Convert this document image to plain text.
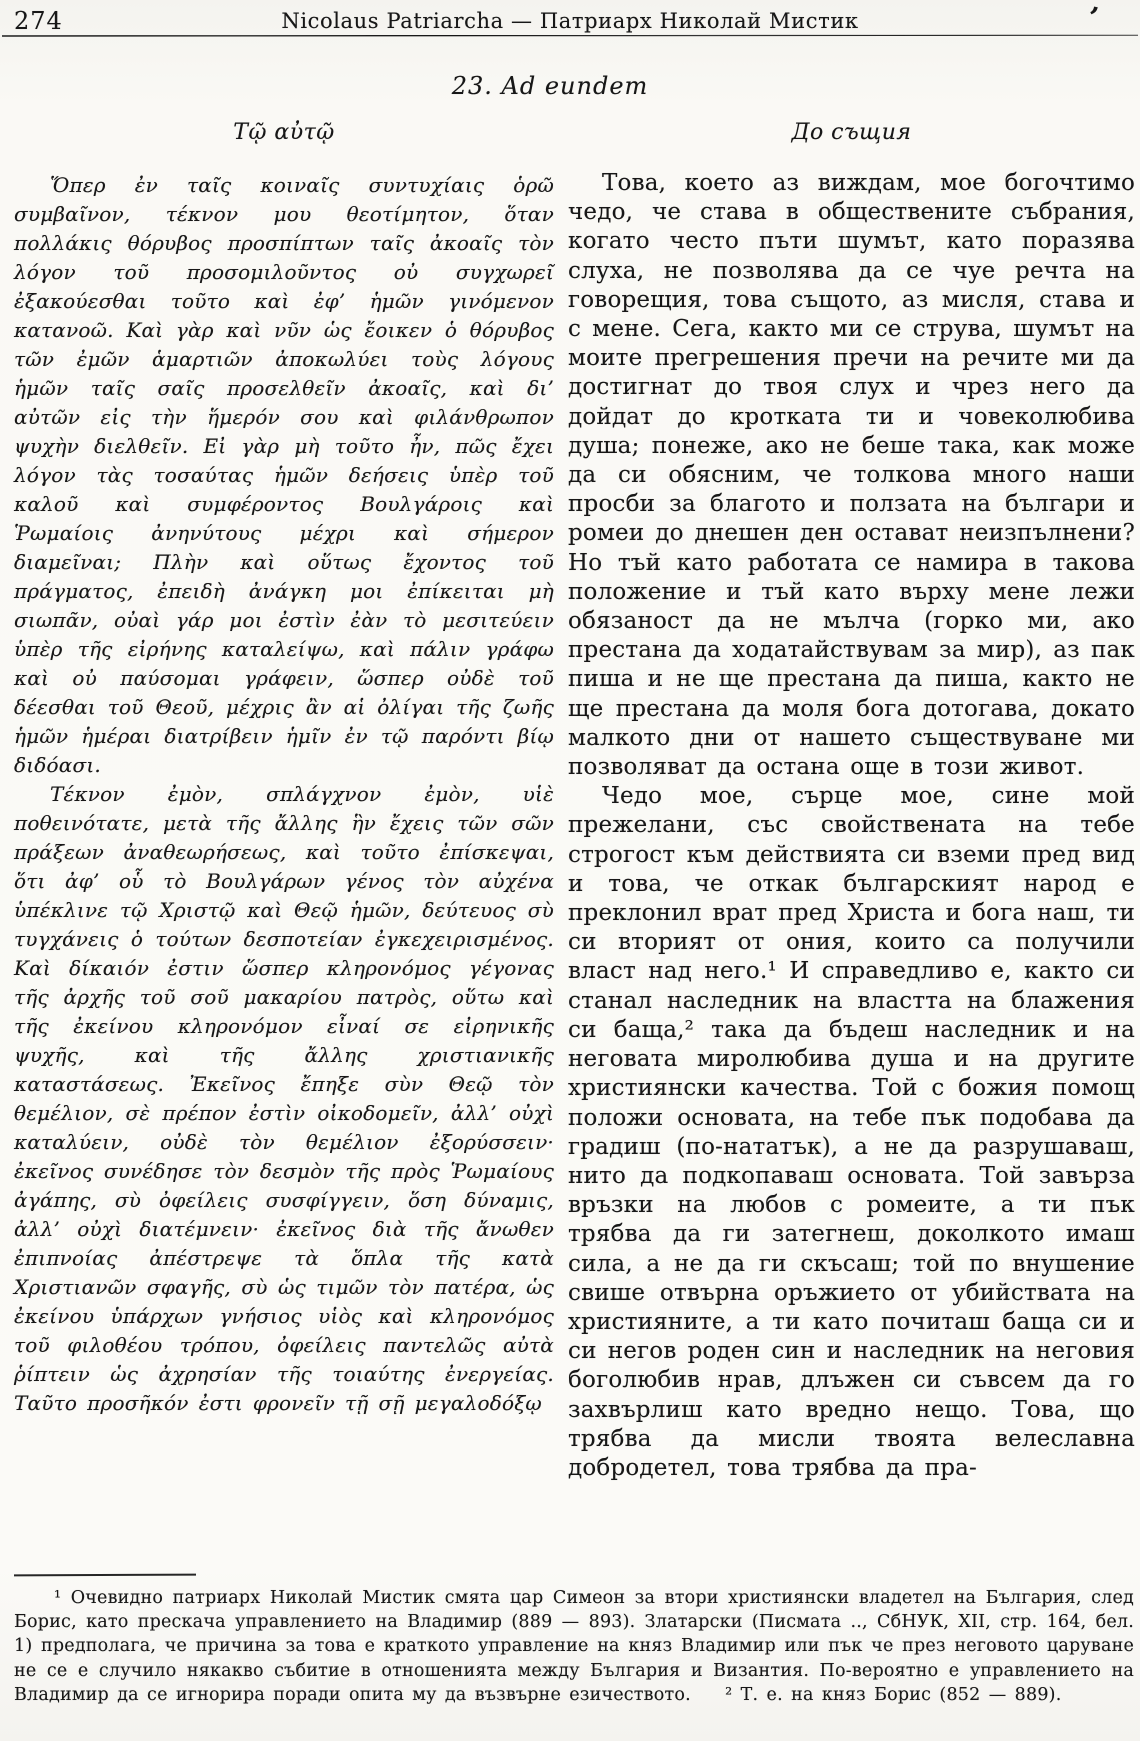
274	Nicolaus Patriarcha — Патриарх Николай Мистик	’
23. Ad eundem
Τῷ αὐτῷ

Ὅπερ ἐν ταῖς κοιναῖς συντυχίαις ὁρῶ συμβαῖνον, τέκνον μου θεοτίμητον, ὅταν πολλάκις θόρυβος προσπίπτων ταῖς ἀκοαῖς τὸν λόγον τοῦ προσομιλοῦντος οὐ συγχωρεῖ ἐξακούεσθαι τοῦτο καὶ ἐφ’ ἡμῶν γινόμενον κατανοῶ. Καὶ γὰρ καὶ νῦν ὡς ἔοικεν ὁ θόρυβος τῶν ἐμῶν ἁμαρτιῶν ἀποκωλύει τοὺς λόγους ἡμῶν ταῖς σαῖς προσελθεῖν ἀκοαῖς, καὶ δι’ αὐτῶν εἰς τὴν ἥμερόν σου καὶ φιλάνθρωπον ψυχὴν διελθεῖν. Εἰ γὰρ μὴ τοῦτο ἦν, πῶς ἔχει λόγον τὰς τοσαύτας ἡμῶν δεήσεις ὑπὲρ τοῦ καλοῦ καὶ συμφέροντος Βουλγάροις καὶ Ῥωμαίοις ἀνηνύτους μέχρι καὶ σήμερον διαμεῖναι; Πλὴν καὶ οὕτως ἔχοντος τοῦ πράγματος, ἐπειδὴ ἀνάγκη μοι ἐπίκειται μὴ σιωπᾶν, οὐαὶ γάρ μοι ἐστὶν ἐὰν τὸ μεσιτεύειν ὑπὲρ τῆς εἰρήνης καταλείψω, καὶ πάλιν γράφω καὶ οὐ παύσομαι γράφειν, ὥσπερ οὐδὲ τοῦ δέεσθαι τοῦ Θεοῦ, μέχρις ἂν αἱ ὀλίγαι τῆς ζωῆς ἡμῶν ἡμέραι διατρίβειν ἡμῖν ἐν τῷ παρόντι βίῳ διδόασι.

Τέκνον ἐμὸν, σπλάγχνον ἐμὸν, υἱὲ ποθεινότατε, μετὰ τῆς ἄλλης ἣν ἔχεις τῶν σῶν πράξεων ἀναθεωρήσεως, καὶ τοῦτο ἐπίσκεψαι, ὅτι ἀφ’ οὗ τὸ Βουλγάρων γένος τὸν αὐχένα ὑπέκλινε τῷ Χριστῷ καὶ Θεῷ ἡμῶν, δεύτευος σὺ τυγχάνεις ὁ τούτων δεσποτείαν ἐγκεχειρισμένος. Καὶ δίκαιόν ἐστιν ὥσπερ κληρονόμος γέγονας τῆς ἀρχῆς τοῦ σοῦ μακαρίου πατρὸς, οὕτω καὶ τῆς ἐκείνου κληρονόμον εἶναί σε εἰρηνικῆς ψυχῆς, καὶ τῆς ἄλλης χριστιανικῆς καταστάσεως. Ἐκεῖνος ἔπηξε σὺν Θεῷ τὸν θεμέλιον, σὲ πρέπον ἐστὶν οἰκοδομεῖν, ἀλλ’ οὐχὶ καταλύειν, οὐδὲ τὸν θεμέλιον ἐξορύσσειν· ἐκεῖνος συνέδησε τὸν δεσμὸν τῆς πρὸς Ῥωμαίους ἀγάπης, σὺ ὀφείλεις συσφίγγειν, ὅση δύναμις, ἀλλ’ οὐχὶ διατέμνειν· ἐκεῖνος διὰ τῆς ἄνωθεν ἐπιπνοίας ἀπέστρεψε τὰ ὅπλα τῆς κατὰ Χριστιανῶν σφαγῆς, σὺ ὡς τιμῶν τὸν πατέρα, ὡς ἐκείνου ὑπάρχων γνήσιος υἱὸς καὶ κληρονόμος τοῦ φιλοθέου τρόπου, ὀφείλεις παντελῶς αὐτὰ ῥίπτειν ὡς ἀχρησίαν τῆς τοιαύτης ἐνεργείας. Ταῦτο προσῆκόν ἐστι φρονεῖν τῇ σῇ μεγαλοδόξῳ

До същия

Това, което аз виждам, мое богочтимо чедо, че става в обществените събрания, когато често пъти шумът, като поразява слуха, не позволява да се чуе речта на говорещия, това същото, аз мисля, става и с мене. Сега, както ми се струва, шумът на моите прегрешения пречи на речите ми да достигнат до твоя слух и чрез него да дойдат до кротката ти и човеколюбива душа; понеже, ако не беше така, как може да си обясним, че толкова много наши просби за благото и ползата на българи и ромеи до днешен ден остават неизпълнени? Но тъй като работата се намира в такова положение и тъй като върху мене лежи обязаност да не мълча (горко ми, ако престана да ходатайствувам за мир), аз пак пиша и не ще престана да пиша, както не ще престана да моля бога дотогава, докато малкото дни от нашето съществуване ми позволяват да остана още в този живот.

Чедо мое, сърце мое, сине мой прежелани, със свойствената на тебе строгост към действията си вземи пред вид и това, че откак българският народ е преклонил врат пред Христа и бога наш, ти си вторият от ония, които са получили власт над него.¹ И справедливо е, както си станал наследник на властта на блажения си баща,² така да бъдеш наследник и на неговата миролюбива душа и на другите християнски качества. Той с божия помощ положи основата, на тебе пък подобава да градиш (по-нататък), а не да разрушаваш, нито да подкопаваш основата. Той завърза връзки на любов с ромеите, а ти пък трябва да ги затегнеш, доколкото имаш сила, а не да ги скъсаш; той по внушение свише отвърна оръжието от убийствата на християните, а ти като почиташ баща си и си негов роден син и наследник на неговия боголюбив нрав, длъжен си съвсем да го захвърлиш като вредно нещо. Това, що трябва да мисли твоята велеславна добродетел, това трябва да пра-

¹ Очевидно патриарх Николай Мистик смята цар Симеон за втори християнски владетел на България, след Борис, като прескача управлението на Владимир (889 — 893). Златарски (Писмата .., СбНУК, XII, стр. 164, бел. 1) предполага, че причина за това е краткото управление на княз Владимир или пък че през неговото царуване не се е случило някакво събитие в отношенията между България и Византия. По-вероятно е управлението на Владимир да се игнорира поради опита му да възвърне езичеството. ² Т. е. на княз Борис (852 — 889).
